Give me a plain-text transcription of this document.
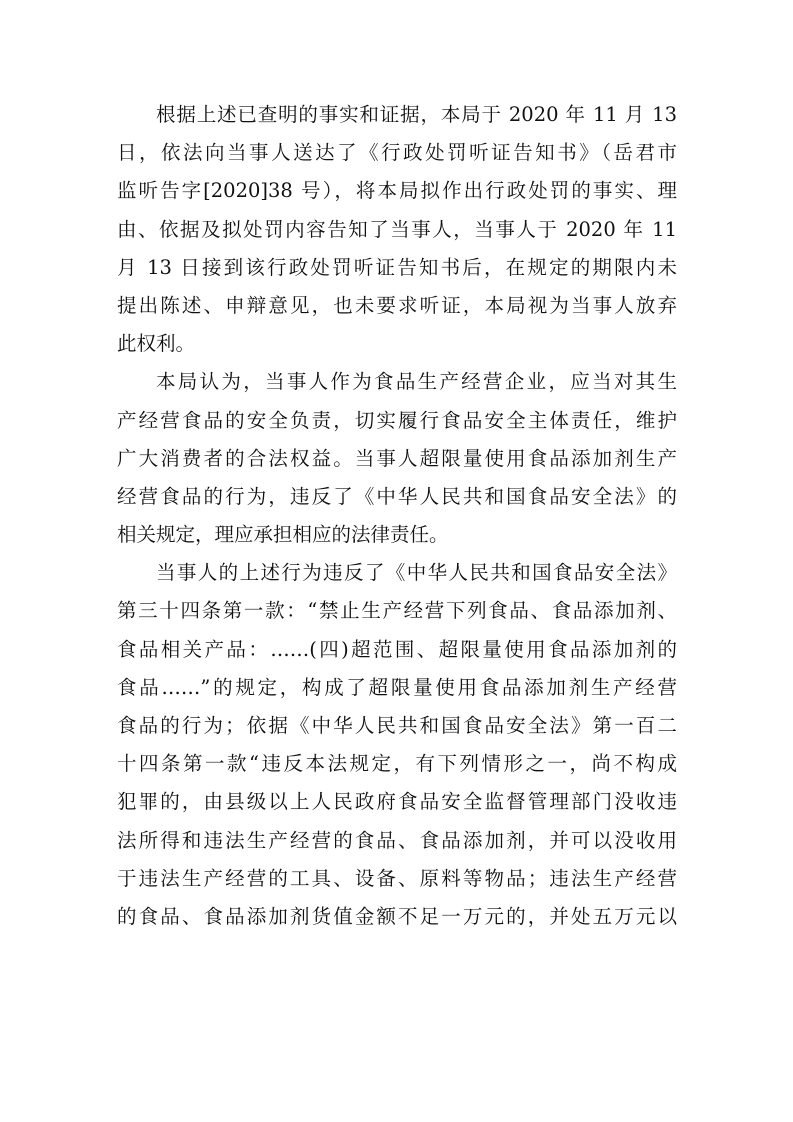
根据上述已查明的事实和证据，本局于 2020 年 11 月 13
日，依法向当事人送达了《行政处罚听证告知书》（岳君市
监听告字[2020]38 号），将本局拟作出行政处罚的事实、理
由、依据及拟处罚内容告知了当事人，当事人于 2020 年 11
月 13 日接到该行政处罚听证告知书后，在规定的期限内未
提出陈述、申辩意见，也未要求听证，本局视为当事人放弃
此权利。
本局认为，当事人作为食品生产经营企业，应当对其生
产经营食品的安全负责，切实履行食品安全主体责任，维护
广大消费者的合法权益。当事人超限量使用食品添加剂生产
经营食品的行为，违反了《中华人民共和国食品安全法》的
相关规定，理应承担相应的法律责任。
当事人的上述行为违反了《中华人民共和国食品安全法》
第三十四条第一款：“禁止生产经营下列食品、食品添加剂、
食品相关产品：……(四)超范围、超限量使用食品添加剂的
食品……”的规定，构成了超限量使用食品添加剂生产经营
食品的行为；依据《中华人民共和国食品安全法》第一百二
十四条第一款“违反本法规定，有下列情形之一，尚不构成
犯罪的，由县级以上人民政府食品安全监督管理部门没收违
法所得和违法生产经营的食品、食品添加剂，并可以没收用
于违法生产经营的工具、设备、原料等物品；违法生产经营
的食品、食品添加剂货值金额不足一万元的，并处五万元以
